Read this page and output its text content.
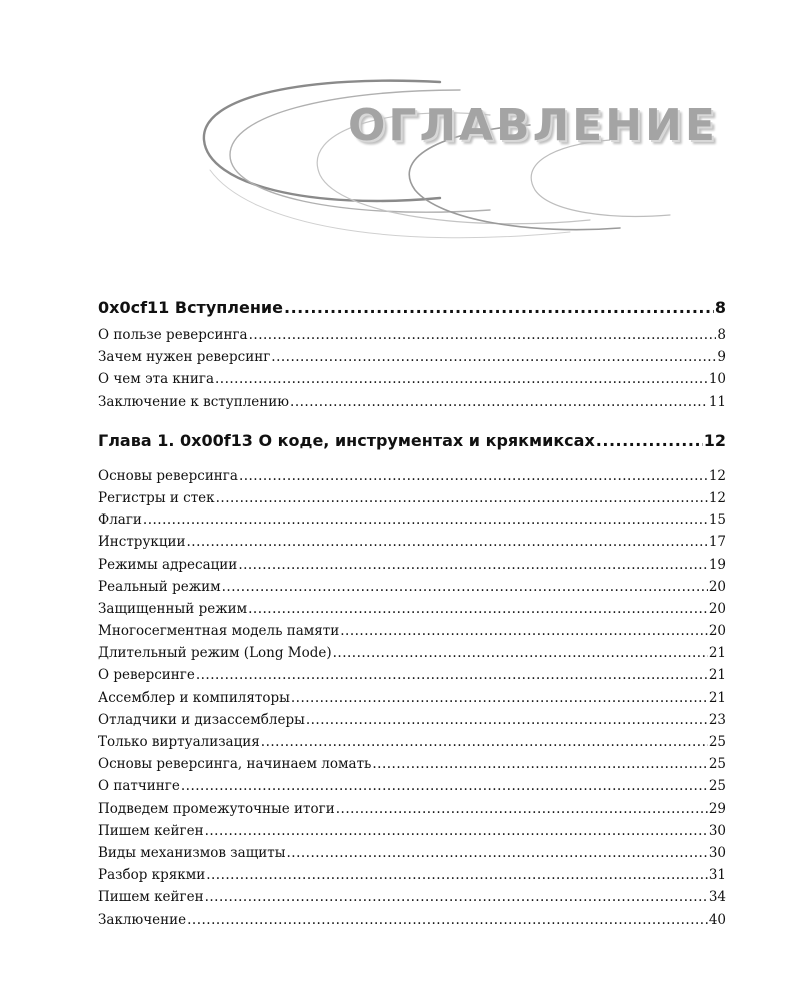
ОГЛАВЛЕНИЕ
0x0cf11 Вступление .....	8
О пользе реверсинга .....	8
Зачем нужен реверсинг .....	9
О чем эта книга .....	10
Заключение к вступлению .....	11
Глава 1. 0x00f13 О коде, инструментах и крякмиксах .....	12
Основы реверсинга .....	12
Регистры и стек .....	12
Флаги .....	15
Инструкции .....	17
Режимы адресации .....	19
Реальный режим .....	20
Защищенный режим .....	20
Многосегментная модель памяти .....	20
Длительный режим (Long Mode) .....	21
О реверсинге .....	21
Ассемблер и компиляторы .....	21
Отладчики и дизассемблеры .....	23
Только виртуализация .....	25
Основы реверсинга, начинаем ломать .....	25
О патчинге .....	25
Подведем промежуточные итоги .....	29
Пишем кейген .....	30
Виды механизмов защиты .....	30
Разбор крякми .....	31
Пишем кейген .....	34
Заключение .....	40
